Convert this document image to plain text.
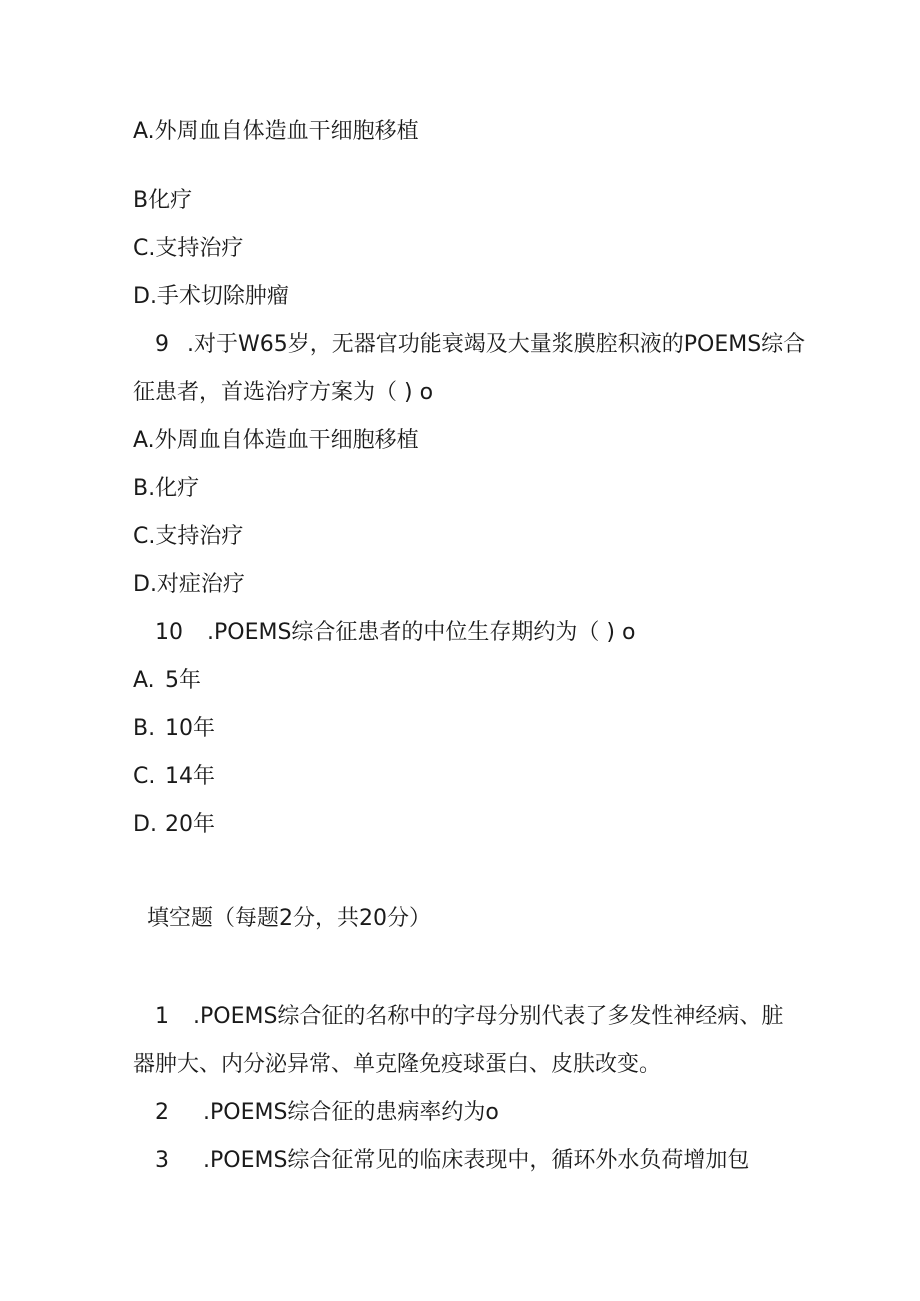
A.外周血自体造血干细胞移植
B化疗
C.支持治疗
D.手术切除肿瘤
9 .对于W65岁，无器官功能衰竭及大量浆膜腔积液的POEMS综合
征患者，首选治疗方案为（ ) o
A.外周血自体造血干细胞移植
B.化疗
C.支持治疗
D.对症治疗
10 .POEMS综合征患者的中位生存期约为（ ) o
A. 5年
B. 10年
C. 14年
D. 20年
填空题（每题2分，共20分）
1 .POEMS综合征的名称中的字母分别代表了多发性神经病、脏
器肿大、内分泌异常、单克隆免疫球蛋白、皮肤改变。
2 .POEMS综合征的患病率约为o
3 .POEMS综合征常见的临床表现中，循环外水负荷增加包
